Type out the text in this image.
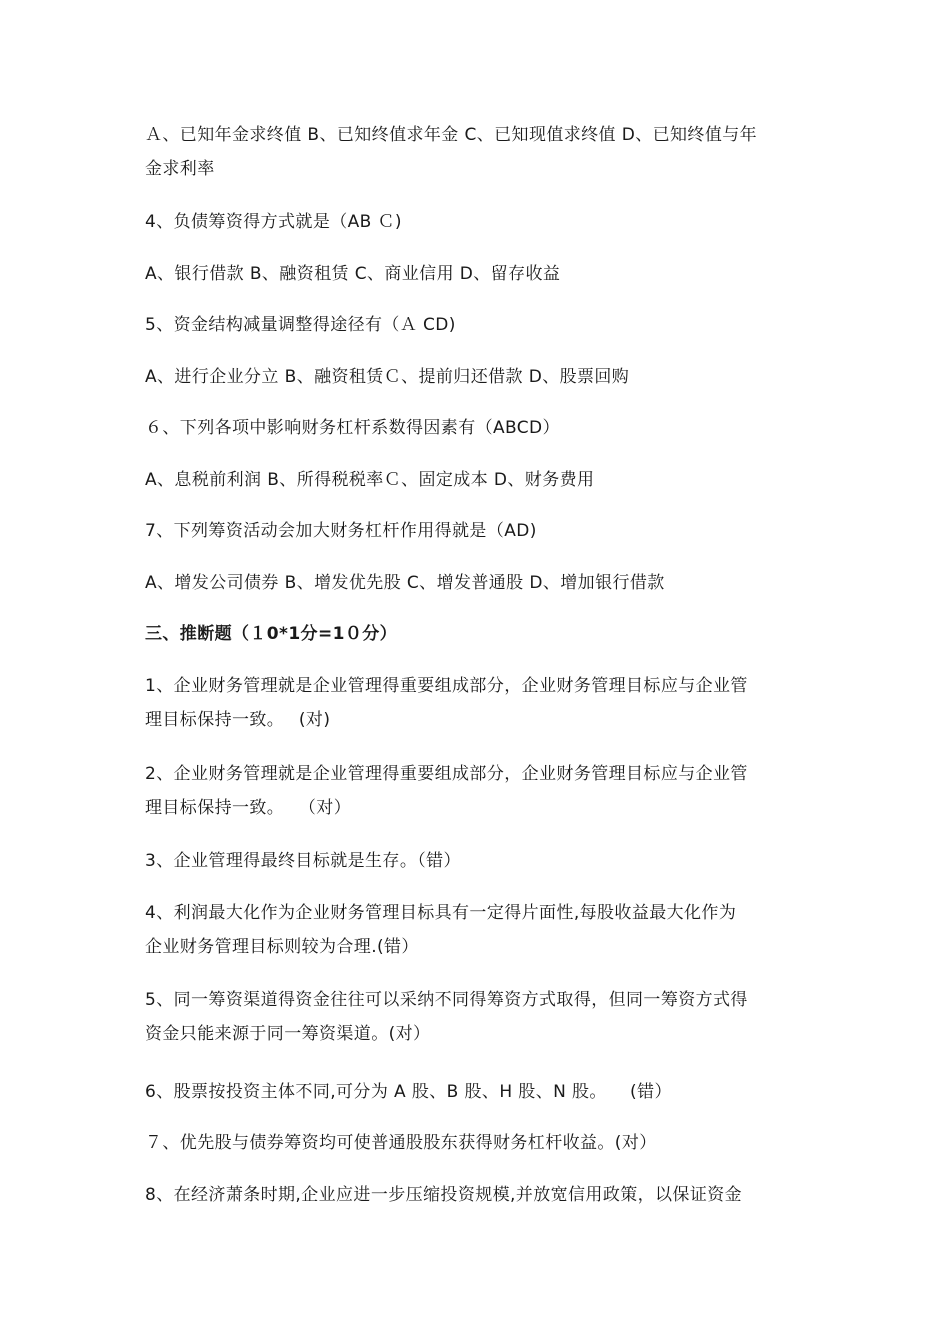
Ａ、已知年金求终值 B、已知终值求年金 C、已知现值求终值 D、已知终值与年
金求利率
4、负债筹资得方式就是（AB Ｃ)
A、银行借款 B、融资租赁 C、商业信用 D、留存收益
5、资金结构减量调整得途径有（Ａ CD)
A、进行企业分立 B、融资租赁Ｃ、提前归还借款 D、股票回购
６、下列各项中影响财务杠杆系数得因素有（ABCD）
A、息税前利润 B、所得税税率Ｃ、固定成本 D、财务费用
7、下列筹资活动会加大财务杠杆作用得就是（AD)
A、增发公司债券 B、增发优先股 C、增发普通股 D、增加银行借款
三、推断题（１0*1分=1０分）
1、企业财务管理就是企业管理得重要组成部分，企业财务管理目标应与企业管
理目标保持一致。　 (对)
2、企业财务管理就是企业管理得重要组成部分，企业财务管理目标应与企业管
理目标保持一致。　 （对）
3、企业管理得最终目标就是生存。（错）
4、利润最大化作为企业财务管理目标具有一定得片面性,每股收益最大化作为
企业财务管理目标则较为合理.(错）
5、同一筹资渠道得资金往往可以采纳不同得筹资方式取得，但同一筹资方式得
资金只能来源于同一筹资渠道。(对）
6、股票按投资主体不同,可分为 A 股、B 股、H 股、N 股。 　(错）
７、优先股与债券筹资均可使普通股股东获得财务杠杆收益。(对）
8、在经济萧条时期,企业应进一步压缩投资规模,并放宽信用政策，以保证资金
